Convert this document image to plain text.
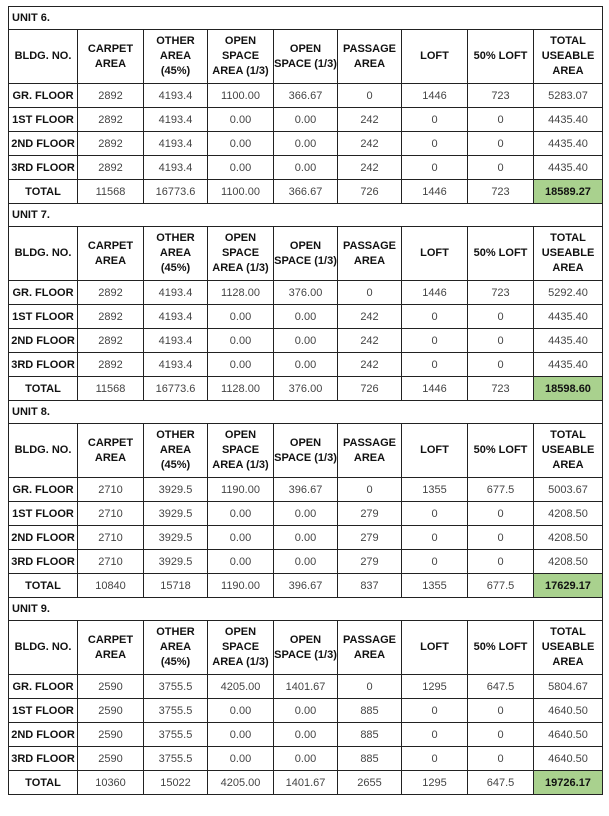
UNIT 6.								
BLDG. NO.	CARPET AREA	OTHER AREA (45%)	OPEN SPACE AREA (1/3)	OPEN SPACE (1/3)	PASSAGE AREA	LOFT	50% LOFT	TOTAL USEABLE AREA
GR. FLOOR	2892	4193.4	1100.00	366.67	0	1446	723	5283.07
1ST FLOOR	2892	4193.4	0.00	0.00	242	0	0	4435.40
2ND FLOOR	2892	4193.4	0.00	0.00	242	0	0	4435.40
3RD FLOOR	2892	4193.4	0.00	0.00	242	0	0	4435.40
TOTAL	11568	16773.6	1100.00	366.67	726	1446	723	18589.27
UNIT 7.								
BLDG. NO.	CARPET AREA	OTHER AREA (45%)	OPEN SPACE AREA (1/3)	OPEN SPACE (1/3)	PASSAGE AREA	LOFT	50% LOFT	TOTAL USEABLE AREA
GR. FLOOR	2892	4193.4	1128.00	376.00	0	1446	723	5292.40
1ST FLOOR	2892	4193.4	0.00	0.00	242	0	0	4435.40
2ND FLOOR	2892	4193.4	0.00	0.00	242	0	0	4435.40
3RD FLOOR	2892	4193.4	0.00	0.00	242	0	0	4435.40
TOTAL	11568	16773.6	1128.00	376.00	726	1446	723	18598.60
UNIT 8.								
BLDG. NO.	CARPET AREA	OTHER AREA (45%)	OPEN SPACE AREA (1/3)	OPEN SPACE (1/3)	PASSAGE AREA	LOFT	50% LOFT	TOTAL USEABLE AREA
GR. FLOOR	2710	3929.5	1190.00	396.67	0	1355	677.5	5003.67
1ST FLOOR	2710	3929.5	0.00	0.00	279	0	0	4208.50
2ND FLOOR	2710	3929.5	0.00	0.00	279	0	0	4208.50
3RD FLOOR	2710	3929.5	0.00	0.00	279	0	0	4208.50
TOTAL	10840	15718	1190.00	396.67	837	1355	677.5	17629.17
UNIT 9.								
BLDG. NO.	CARPET AREA	OTHER AREA (45%)	OPEN SPACE AREA (1/3)	OPEN SPACE (1/3)	PASSAGE AREA	LOFT	50% LOFT	TOTAL USEABLE AREA
GR. FLOOR	2590	3755.5	4205.00	1401.67	0	1295	647.5	5804.67
1ST FLOOR	2590	3755.5	0.00	0.00	885	0	0	4640.50
2ND FLOOR	2590	3755.5	0.00	0.00	885	0	0	4640.50
3RD FLOOR	2590	3755.5	0.00	0.00	885	0	0	4640.50
TOTAL	10360	15022	4205.00	1401.67	2655	1295	647.5	19726.17
